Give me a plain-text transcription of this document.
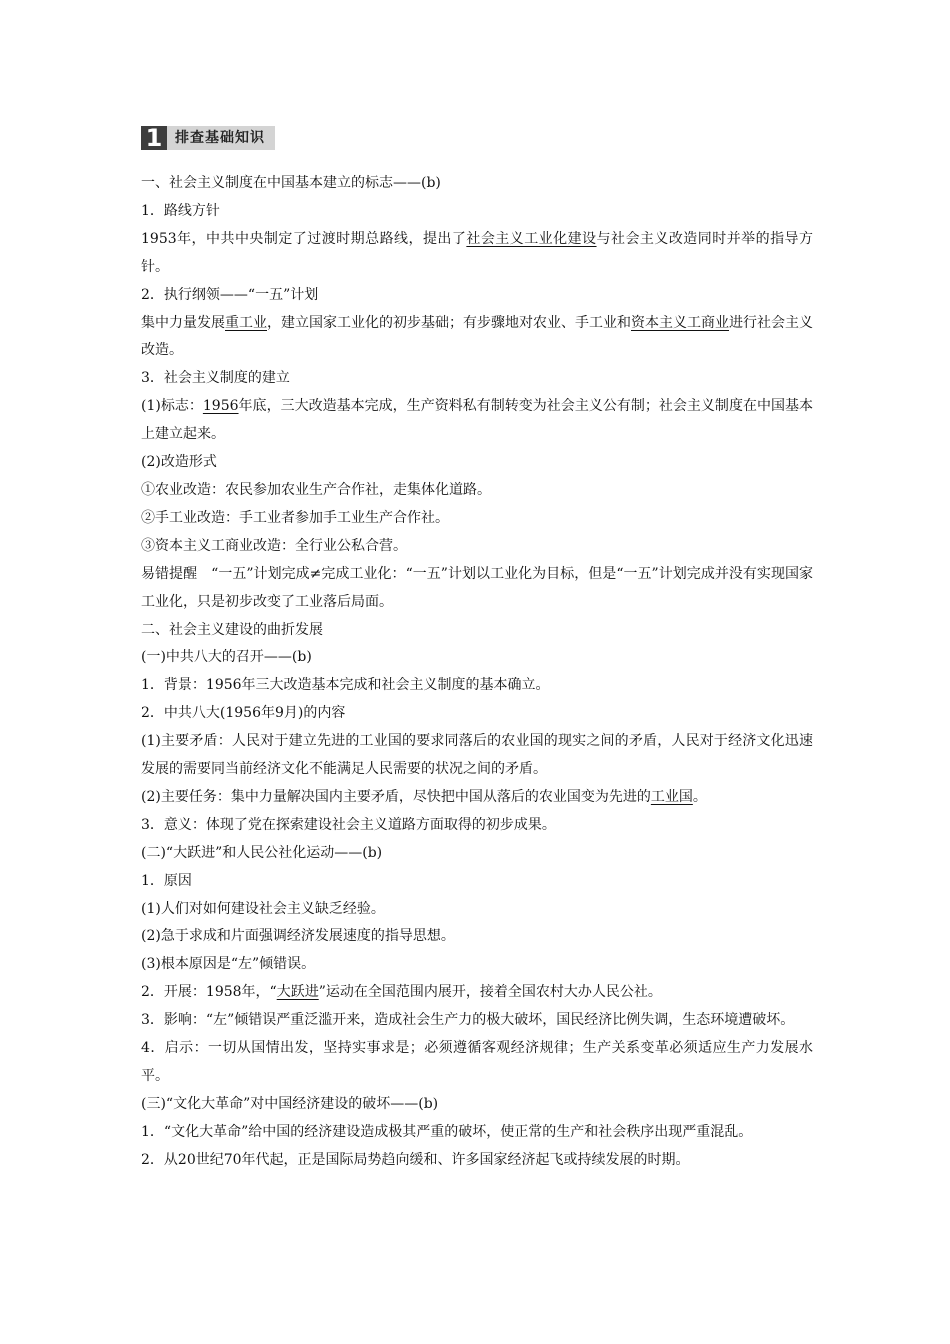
1 排查基础知识
一、社会主义制度在中国基本建立的标志——(b)
1．路线方针
1953年，中共中央制定了过渡时期总路线，提出了社会主义工业化建设与社会主义改造同时并举的指导方针。
2．执行纲领——“一五”计划
集中力量发展重工业，建立国家工业化的初步基础；有步骤地对农业、手工业和资本主义工商业进行社会主义改造。
3．社会主义制度的建立
(1)标志：1956年底，三大改造基本完成，生产资料私有制转变为社会主义公有制；社会主义制度在中国基本上建立起来。
(2)改造形式
①农业改造：农民参加农业生产合作社，走集体化道路。
②手工业改造：手工业者参加手工业生产合作社。
③资本主义工商业改造：全行业公私合营。
易错提醒　“一五”计划完成≠完成工业化：“一五”计划以工业化为目标，但是“一五”计划完成并没有实现国家工业化，只是初步改变了工业落后局面。
二、社会主义建设的曲折发展
(一)中共八大的召开——(b)
1．背景：1956年三大改造基本完成和社会主义制度的基本确立。
2．中共八大(1956年9月)的内容
(1)主要矛盾：人民对于建立先进的工业国的要求同落后的农业国的现实之间的矛盾，人民对于经济文化迅速发展的需要同当前经济文化不能满足人民需要的状况之间的矛盾。
(2)主要任务：集中力量解决国内主要矛盾，尽快把中国从落后的农业国变为先进的工业国。
3．意义：体现了党在探索建设社会主义道路方面取得的初步成果。
(二)“大跃进”和人民公社化运动——(b)
1．原因
(1)人们对如何建设社会主义缺乏经验。
(2)急于求成和片面强调经济发展速度的指导思想。
(3)根本原因是“左”倾错误。
2．开展：1958年，“大跃进”运动在全国范围内展开，接着全国农村大办人民公社。
3．影响：“左”倾错误严重泛滥开来，造成社会生产力的极大破坏，国民经济比例失调，生态环境遭破坏。
4．启示：一切从国情出发，坚持实事求是；必须遵循客观经济规律；生产关系变革必须适应生产力发展水平。
(三)“文化大革命”对中国经济建设的破坏——(b)
1．“文化大革命”给中国的经济建设造成极其严重的破坏，使正常的生产和社会秩序出现严重混乱。
2．从20世纪70年代起，正是国际局势趋向缓和、许多国家经济起飞或持续发展的时期。
